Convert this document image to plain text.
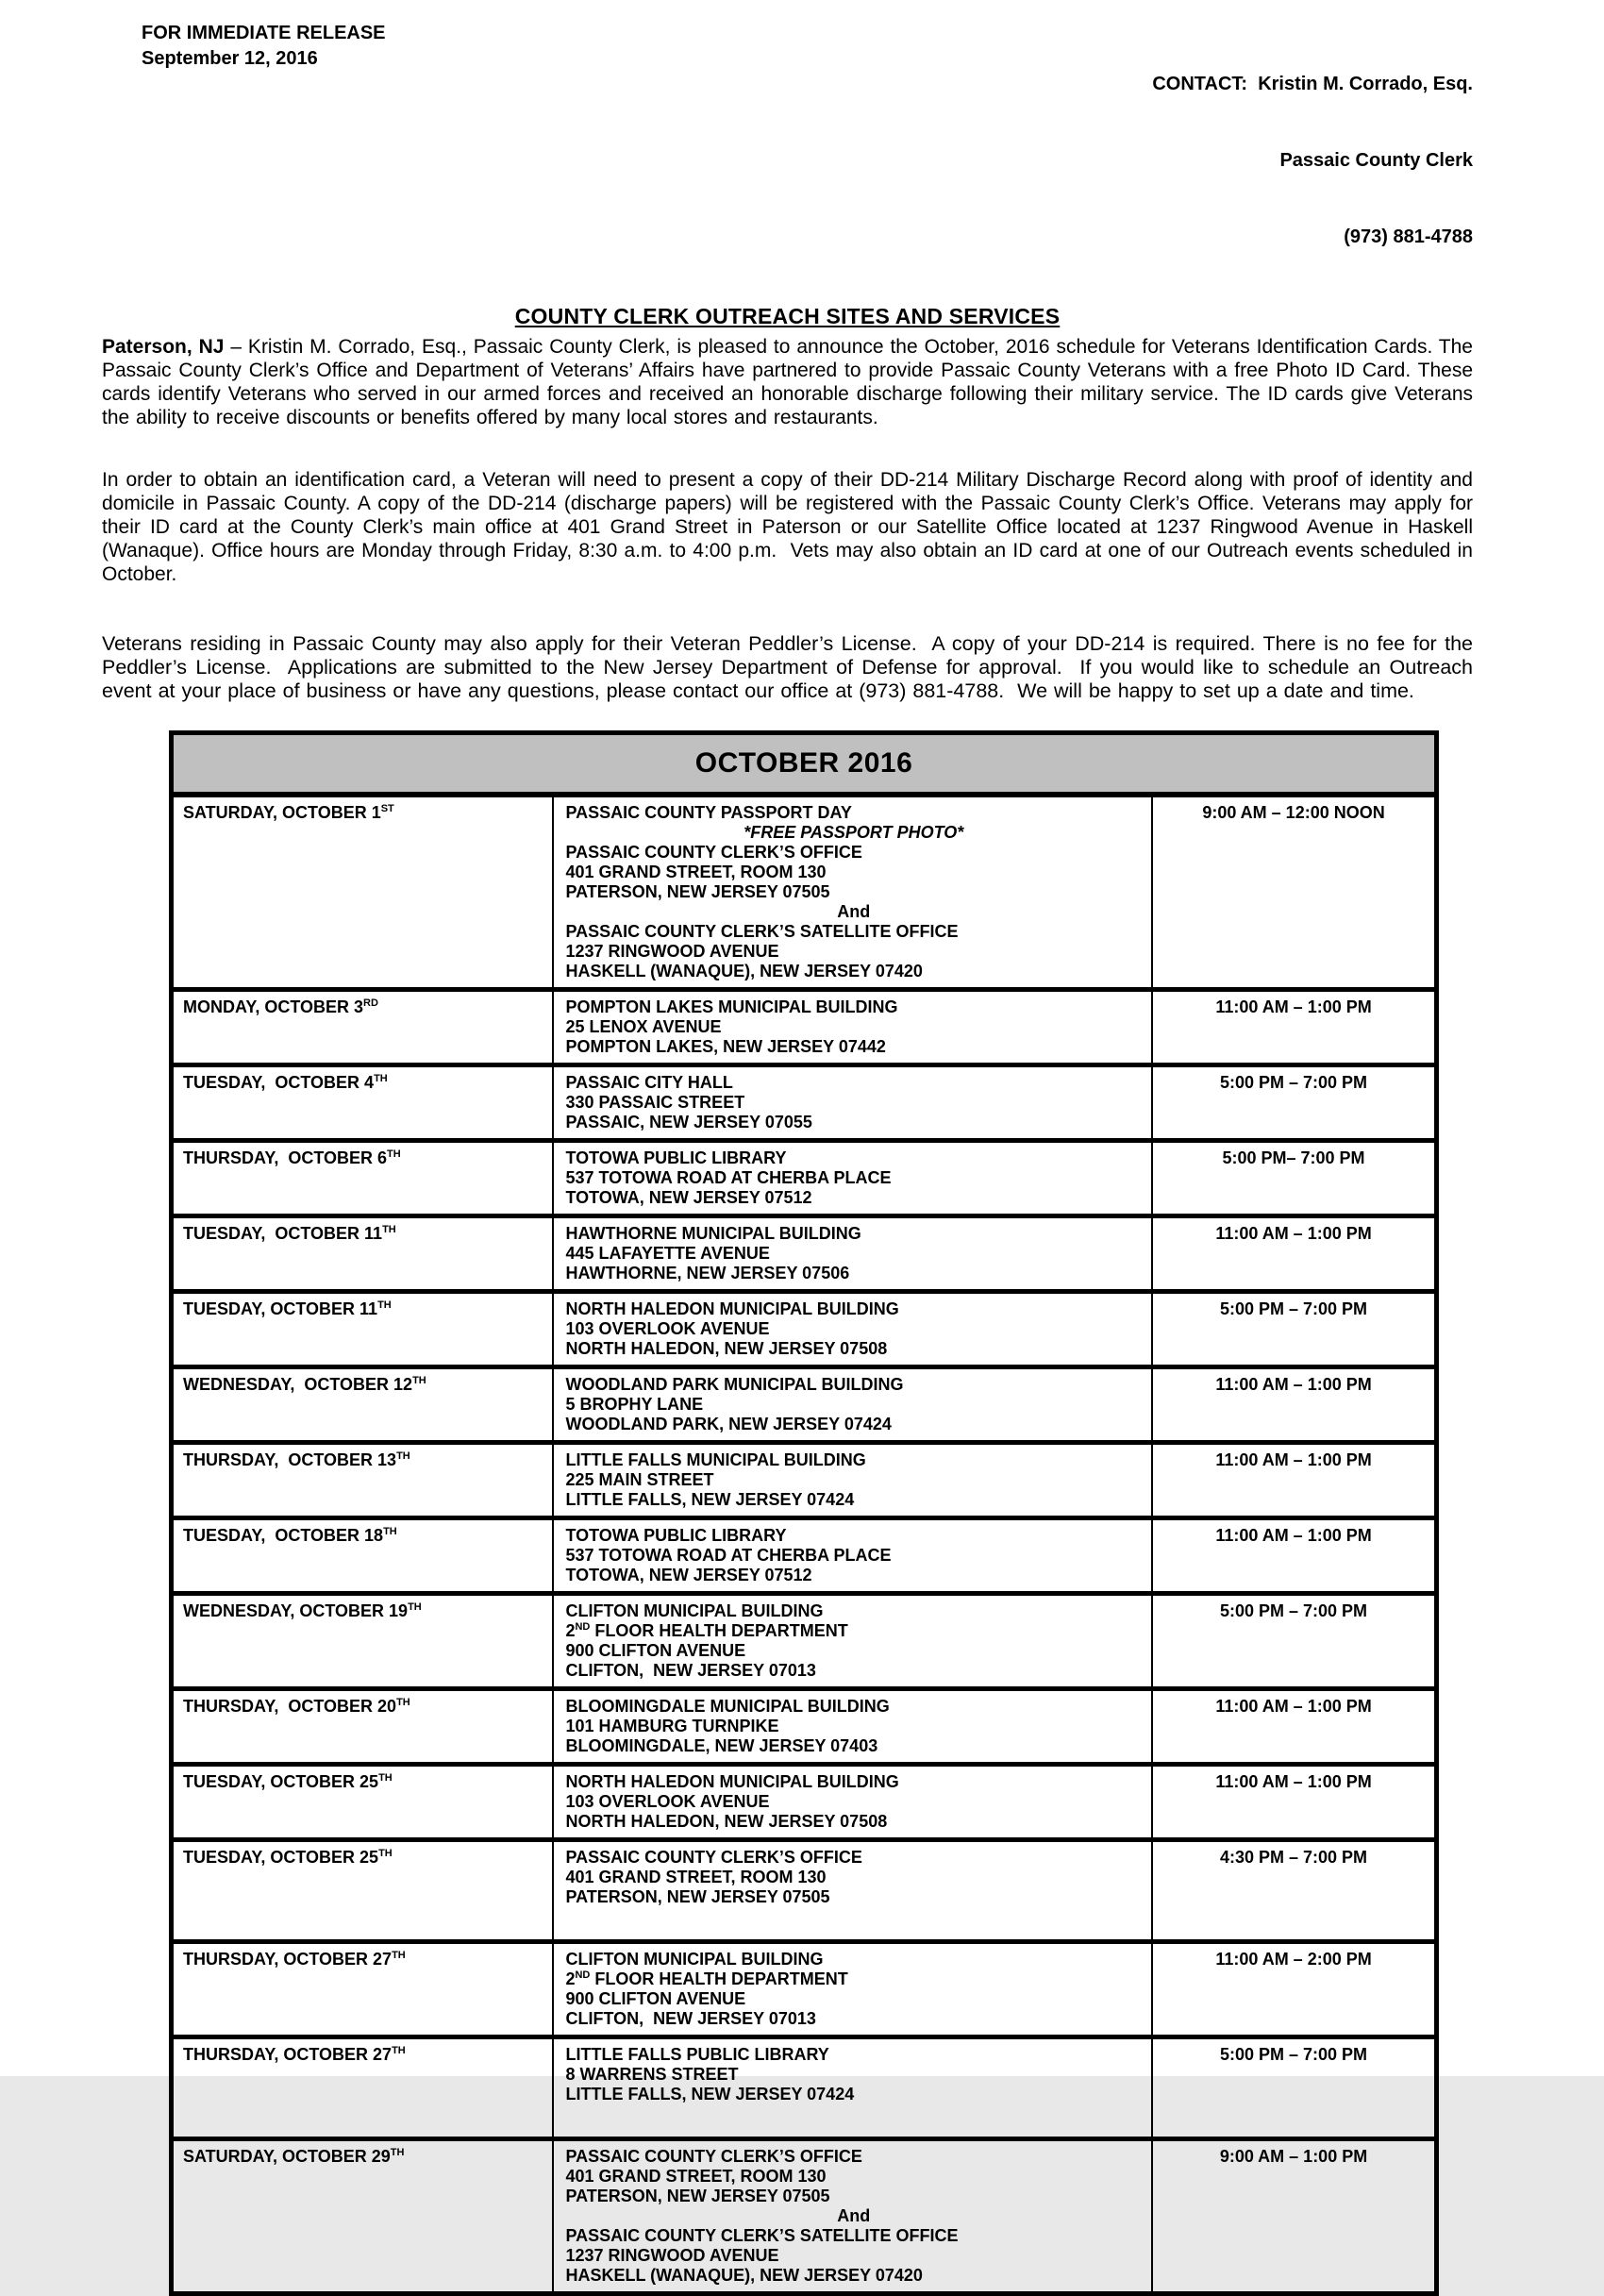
FOR IMMEDIATE RELEASE
September 12, 2016

CONTACT: Kristin M. Corrado, Esq.

Passaic County Clerk

(973) 881-4788

COUNTY CLERK OUTREACH SITES AND SERVICES

Paterson, NJ – Kristin M. Corrado, Esq., Passaic County Clerk, is pleased to announce the October, 2016 schedule for Veterans Identification Cards. The Passaic County Clerk’s Office and Department of Veterans’ Affairs have partnered to provide Passaic County Veterans with a free Photo ID Card. These cards identify Veterans who served in our armed forces and received an honorable discharge following their military service. The ID cards give Veterans the ability to receive discounts or benefits offered by many local stores and restaurants.

In order to obtain an identification card, a Veteran will need to present a copy of their DD-214 Military Discharge Record along with proof of identity and domicile in Passaic County. A copy of the DD-214 (discharge papers) will be registered with the Passaic County Clerk’s Office. Veterans may apply for their ID card at the County Clerk’s main office at 401 Grand Street in Paterson or our Satellite Office located at 1237 Ringwood Avenue in Haskell (Wanaque). Office hours are Monday through Friday, 8:30 a.m. to 4:00 p.m.  Vets may also obtain an ID card at one of our Outreach events scheduled in October.

Veterans residing in Passaic County may also apply for their Veteran Peddler’s License.  A copy of your DD-214 is required. There is no fee for the Peddler’s License.  Applications are submitted to the New Jersey Department of Defense for approval.  If you would like to schedule an Outreach event at your place of business or have any questions, please contact our office at (973) 881-4788.  We will be happy to set up a date and time.

OCTOBER 2016
SATURDAY, OCTOBER 1ST	PASSAIC COUNTY PASSPORT DAY
*FREE PASSPORT PHOTO*
PASSAIC COUNTY CLERK’S OFFICE
401 GRAND STREET, ROOM 130
PATERSON, NEW JERSEY 07505
And
PASSAIC COUNTY CLERK’S SATELLITE OFFICE
1237 RINGWOOD AVENUE
HASKELL (WANAQUE), NEW JERSEY 07420
9:00 AM – 12:00 NOON
MONDAY, OCTOBER 3RD	POMPTON LAKES MUNICIPAL BUILDING
25 LENOX AVENUE
POMPTON LAKES, NEW JERSEY 07442
11:00 AM – 1:00 PM
TUESDAY,  OCTOBER 4TH	PASSAIC CITY HALL
330 PASSAIC STREET
PASSAIC, NEW JERSEY 07055
5:00 PM – 7:00 PM
THURSDAY,  OCTOBER 6TH	TOTOWA PUBLIC LIBRARY
537 TOTOWA ROAD AT CHERBA PLACE
TOTOWA, NEW JERSEY 07512
5:00 PM– 7:00 PM
TUESDAY,  OCTOBER 11TH	HAWTHORNE MUNICIPAL BUILDING
445 LAFAYETTE AVENUE
HAWTHORNE, NEW JERSEY 07506
11:00 AM – 1:00 PM
TUESDAY, OCTOBER 11TH	NORTH HALEDON MUNICIPAL BUILDING
103 OVERLOOK AVENUE
NORTH HALEDON, NEW JERSEY 07508
5:00 PM – 7:00 PM
WEDNESDAY,  OCTOBER 12TH	WOODLAND PARK MUNICIPAL BUILDING
5 BROPHY LANE
WOODLAND PARK, NEW JERSEY 07424
11:00 AM – 1:00 PM
THURSDAY,  OCTOBER 13TH	LITTLE FALLS MUNICIPAL BUILDING
225 MAIN STREET
LITTLE FALLS, NEW JERSEY 07424
11:00 AM – 1:00 PM
TUESDAY,  OCTOBER 18TH	TOTOWA PUBLIC LIBRARY
537 TOTOWA ROAD AT CHERBA PLACE
TOTOWA, NEW JERSEY 07512
11:00 AM – 1:00 PM
WEDNESDAY, OCTOBER 19TH	CLIFTON MUNICIPAL BUILDING
2ND FLOOR HEALTH DEPARTMENT
900 CLIFTON AVENUE
CLIFTON,  NEW JERSEY 07013
5:00 PM – 7:00 PM
THURSDAY,  OCTOBER 20TH	BLOOMINGDALE MUNICIPAL BUILDING
101 HAMBURG TURNPIKE
BLOOMINGDALE, NEW JERSEY 07403
11:00 AM – 1:00 PM
TUESDAY, OCTOBER 25TH	NORTH HALEDON MUNICIPAL BUILDING
103 OVERLOOK AVENUE
NORTH HALEDON, NEW JERSEY 07508
11:00 AM – 1:00 PM
TUESDAY, OCTOBER 25TH	PASSAIC COUNTY CLERK’S OFFICE
401 GRAND STREET, ROOM 130
PATERSON, NEW JERSEY 07505
4:30 PM – 7:00 PM
THURSDAY, OCTOBER 27TH	CLIFTON MUNICIPAL BUILDING
2ND FLOOR HEALTH DEPARTMENT
900 CLIFTON AVENUE
CLIFTON,  NEW JERSEY 07013
11:00 AM – 2:00 PM
THURSDAY, OCTOBER 27TH	LITTLE FALLS PUBLIC LIBRARY
8 WARRENS STREET
LITTLE FALLS, NEW JERSEY 07424
5:00 PM – 7:00 PM
SATURDAY, OCTOBER 29TH	PASSAIC COUNTY CLERK’S OFFICE
401 GRAND STREET, ROOM 130
PATERSON, NEW JERSEY 07505
And
PASSAIC COUNTY CLERK’S SATELLITE OFFICE
1237 RINGWOOD AVENUE
HASKELL (WANAQUE), NEW JERSEY 07420
9:00 AM – 1:00 PM
